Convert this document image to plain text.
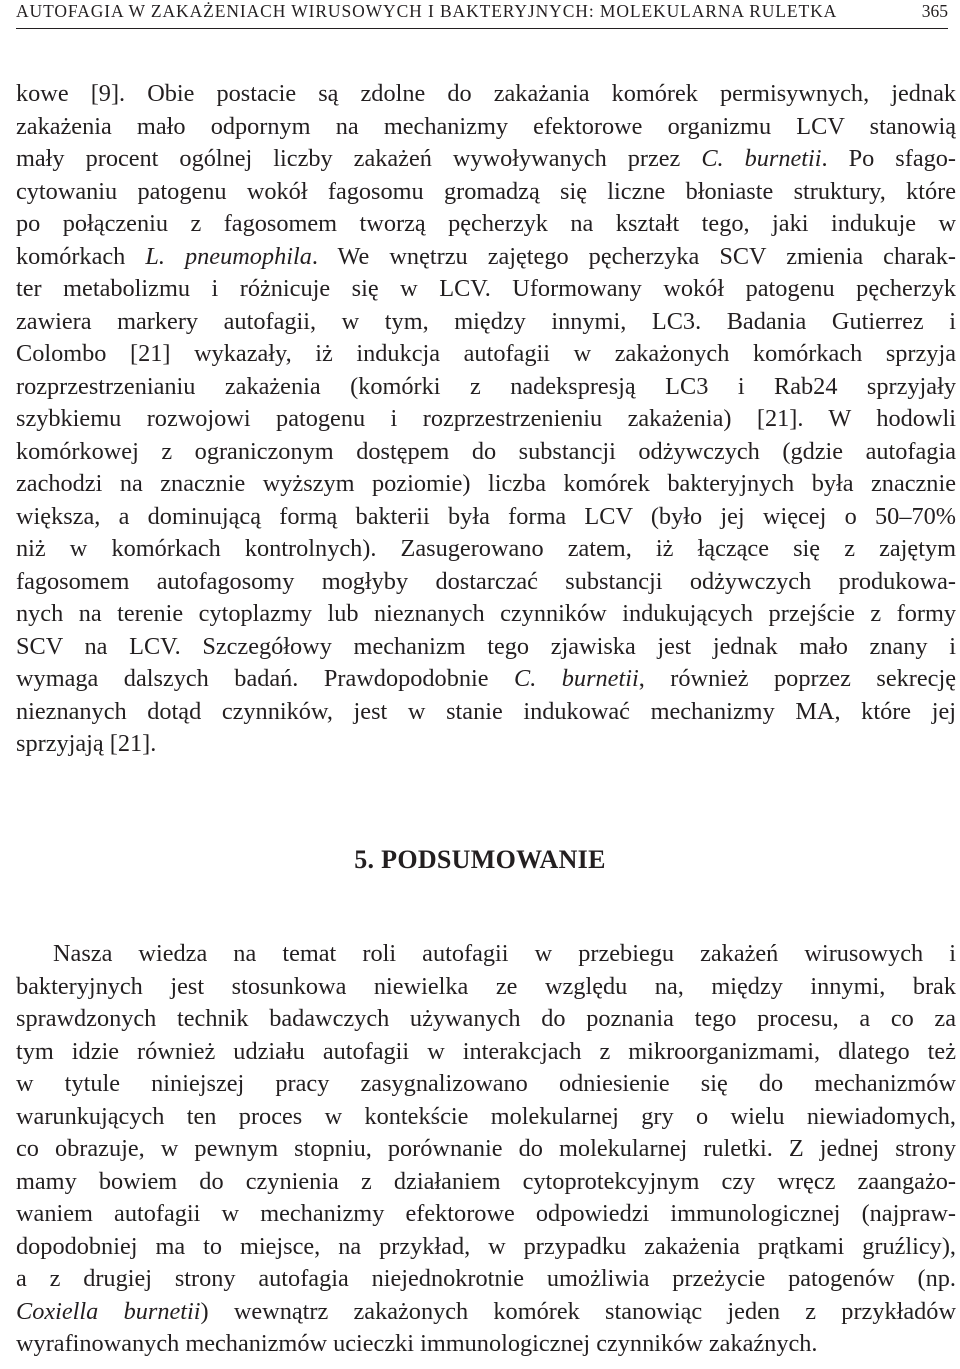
AUTOFAGIA W ZAKAŻENIACH WIRUSOWYCH I BAKTERYJNYCH: MOLEKULARNA RULETKA	365
kowe [9]. Obie postacie są zdolne do zakażania komórek permisywnych, jednak
zakażenia mało odpornym na mechanizmy efektorowe organizmu LCV stanowią
mały procent ogólnej liczby zakażeń wywoływanych przez C. burnetii. Po sfago-
cytowaniu patogenu wokół fagosomu gromadzą się liczne błoniaste struktury, które
po połączeniu z fagosomem tworzą pęcherzyk na kształt tego, jaki indukuje w
komórkach L. pneumophila. We wnętrzu zajętego pęcherzyka SCV zmienia charak-
ter metabolizmu i różnicuje się w LCV. Uformowany wokół patogenu pęcherzyk
zawiera markery autofagii, w tym, między innymi, LC3. Badania Gutierrez i
Colombo [21] wykazały, iż indukcja autofagii w zakażonych komórkach sprzyja
rozprzestrzenianiu zakażenia (komórki z nadekspresją LC3 i Rab24 sprzyjały
szybkiemu rozwojowi patogenu i rozprzestrzenieniu zakażenia) [21]. W hodowli
komórkowej z ograniczonym dostępem do substancji odżywczych (gdzie autofagia
zachodzi na znacznie wyższym poziomie) liczba komórek bakteryjnych była znacznie
większa, a dominującą formą bakterii była forma LCV (było jej więcej o 50–70%
niż w komórkach kontrolnych). Zasugerowano zatem, iż łączące się z zajętym
fagosomem autofagosomy mogłyby dostarczać substancji odżywczych produkowa-
nych na terenie cytoplazmy lub nieznanych czynników indukujących przejście z formy
SCV na LCV. Szczegółowy mechanizm tego zjawiska jest jednak mało znany i
wymaga dalszych badań. Prawdopodobnie C. burnetii, również poprzez sekrecję
nieznanych dotąd czynników, jest w stanie indukować mechanizmy MA, które jej
sprzyjają [21].
5. PODSUMOWANIE
Nasza wiedza na temat roli autofagii w przebiegu zakażeń wirusowych i
bakteryjnych jest stosunkowa niewielka ze względu na, między innymi, brak
sprawdzonych technik badawczych używanych do poznania tego procesu, a co za
tym idzie również udziału autofagii w interakcjach z mikroorganizmami, dlatego też
w tytule niniejszej pracy zasygnalizowano odniesienie się do mechanizmów
warunkujących ten proces w kontekście molekularnej gry o wielu niewiadomych,
co obrazuje, w pewnym stopniu, porównanie do molekularnej ruletki. Z jednej strony
mamy bowiem do czynienia z działaniem cytoprotekcyjnym czy wręcz zaangażo-
waniem autofagii w mechanizmy efektorowe odpowiedzi immunologicznej (najpraw-
dopodobniej ma to miejsce, na przykład, w przypadku zakażenia prątkami gruźlicy),
a z drugiej strony autofagia niejednokrotnie umożliwia przeżycie patogenów (np.
Coxiella burnetii) wewnątrz zakażonych komórek stanowiąc jeden z przykładów
wyrafinowanych mechanizmów ucieczki immunologicznej czynników zakaźnych.
